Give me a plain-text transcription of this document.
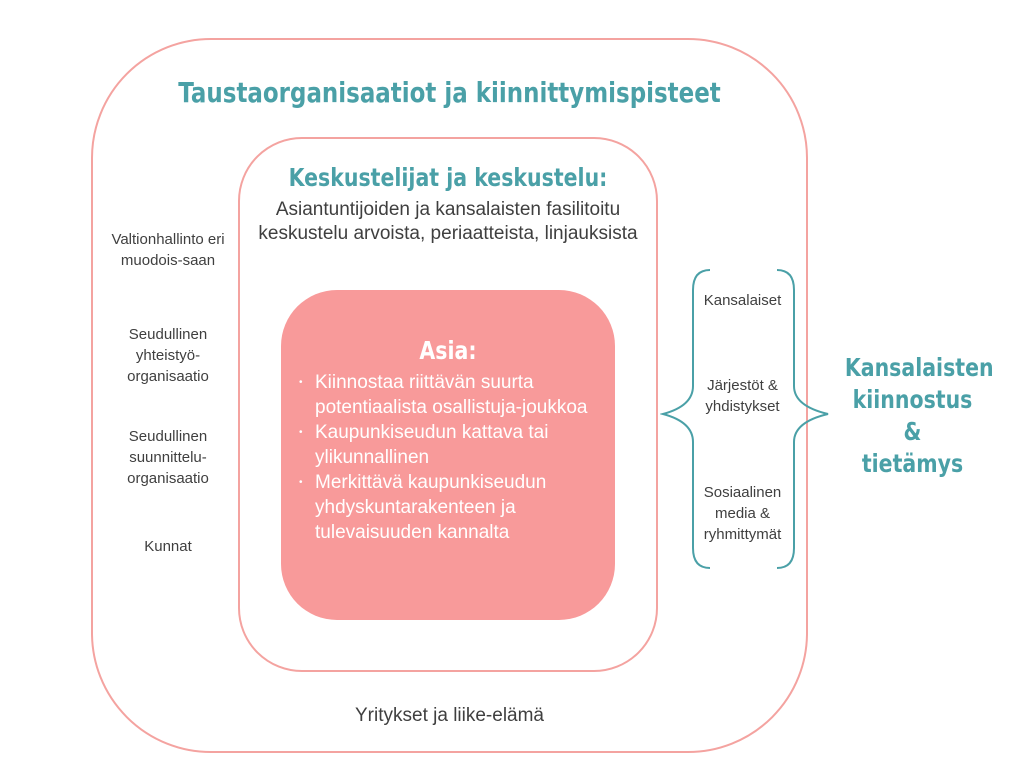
Taustaorganisaatiot ja kiinnittymispisteet
Keskustelijat ja keskustelu:
Asiantuntijoiden ja kansalaisten fasilitoitu keskustelu arvoista, periaatteista, linjauksista
Asia:
• Kiinnostaa riittävän suurta potentiaalista osallistuja-joukkoa
• Kaupunkiseudun kattava tai ylikunnallinen
• Merkittävä kaupunkiseudun yhdyskuntarakenteen ja tulevaisuuden kannalta
Valtionhallinto eri muodois-saan
Seudullinen yhteistyö-organisaatio
Seudullinen suunnittelu-organisaatio
Kunnat
Yritykset ja liike-elämä
Kansalaiset
Järjestöt & yhdistykset
Sosiaalinen media & ryhmittymät
Kansalaisten
kiinnostus
&
tietämys
